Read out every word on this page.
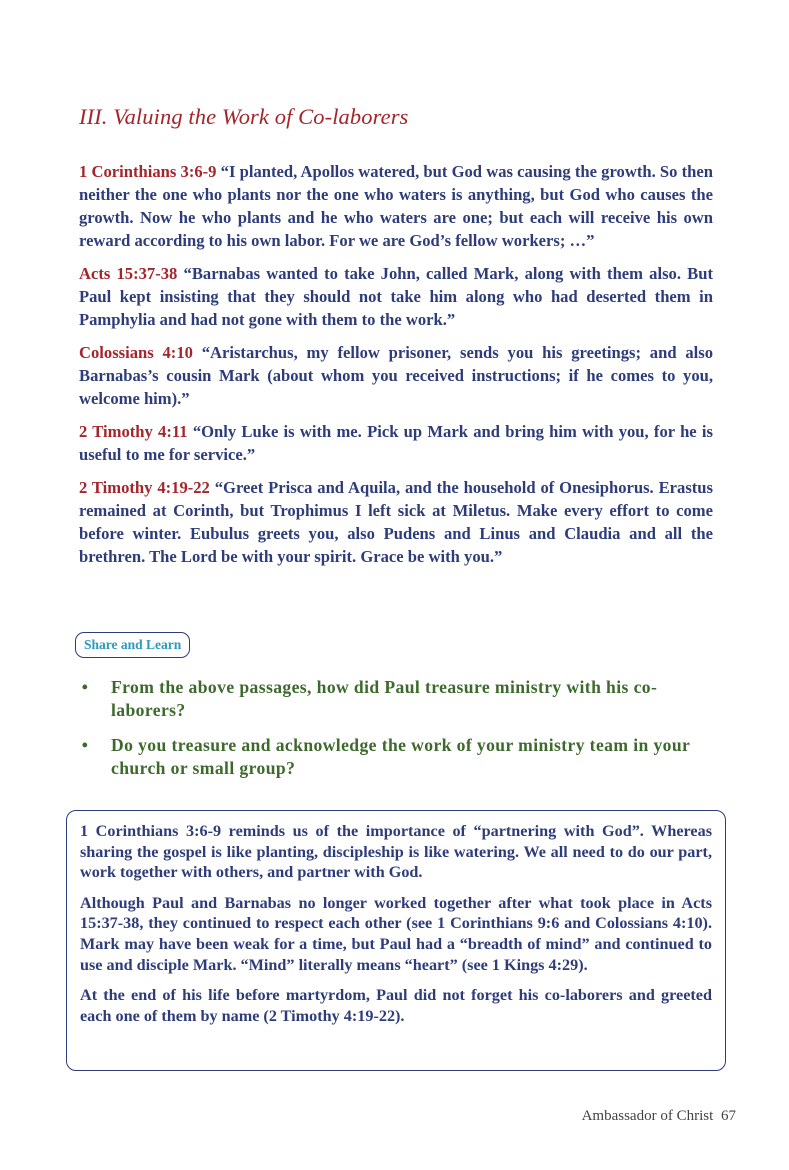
III. Valuing the Work of Co-laborers

1 Corinthians 3:6-9 “I planted, Apollos watered, but God was causing the growth. So then neither the one who plants nor the one who waters is anything, but God who causes the growth. Now he who plants and he who waters are one; but each will receive his own reward according to his own labor. For we are God’s fellow workers; …”

Acts 15:37-38 “Barnabas wanted to take John, called Mark, along with them also. But Paul kept insisting that they should not take him along who had deserted them in Pamphylia and had not gone with them to the work.”

Colossians 4:10 “Aristarchus, my fellow prisoner, sends you his greetings; and also Barnabas’s cousin Mark (about whom you received instructions; if he comes to you, welcome him).”

2 Timothy 4:11 “Only Luke is with me. Pick up Mark and bring him with you, for he is useful to me for service.”

2 Timothy 4:19-22 “Greet Prisca and Aquila, and the household of Onesiphorus. Erastus remained at Corinth, but Trophimus I left sick at Miletus. Make every effort to come before winter. Eubulus greets you, also Pudens and Linus and Claudia and all the brethren. The Lord be with your spirit. Grace be with you.”

Share and Learn
• From the above passages, how did Paul treasure ministry with his co-laborers?
• Do you treasure and acknowledge the work of your ministry team in your church or small group?

1 Corinthians 3:6-9 reminds us of the importance of “partnering with God”. Whereas sharing the gospel is like planting, discipleship is like watering. We all need to do our part, work together with others, and partner with God.

Although Paul and Barnabas no longer worked together after what took place in Acts 15:37-38, they continued to respect each other (see 1 Corinthians 9:6 and Colossians 4:10). Mark may have been weak for a time, but Paul had a “breadth of mind” and continued to use and disciple Mark. “Mind” literally means “heart” (see 1 Kings 4:29).

At the end of his life before martyrdom, Paul did not forget his co-laborers and greeted each one of them by name (2 Timothy 4:19-22).

Ambassador of Christ 67
